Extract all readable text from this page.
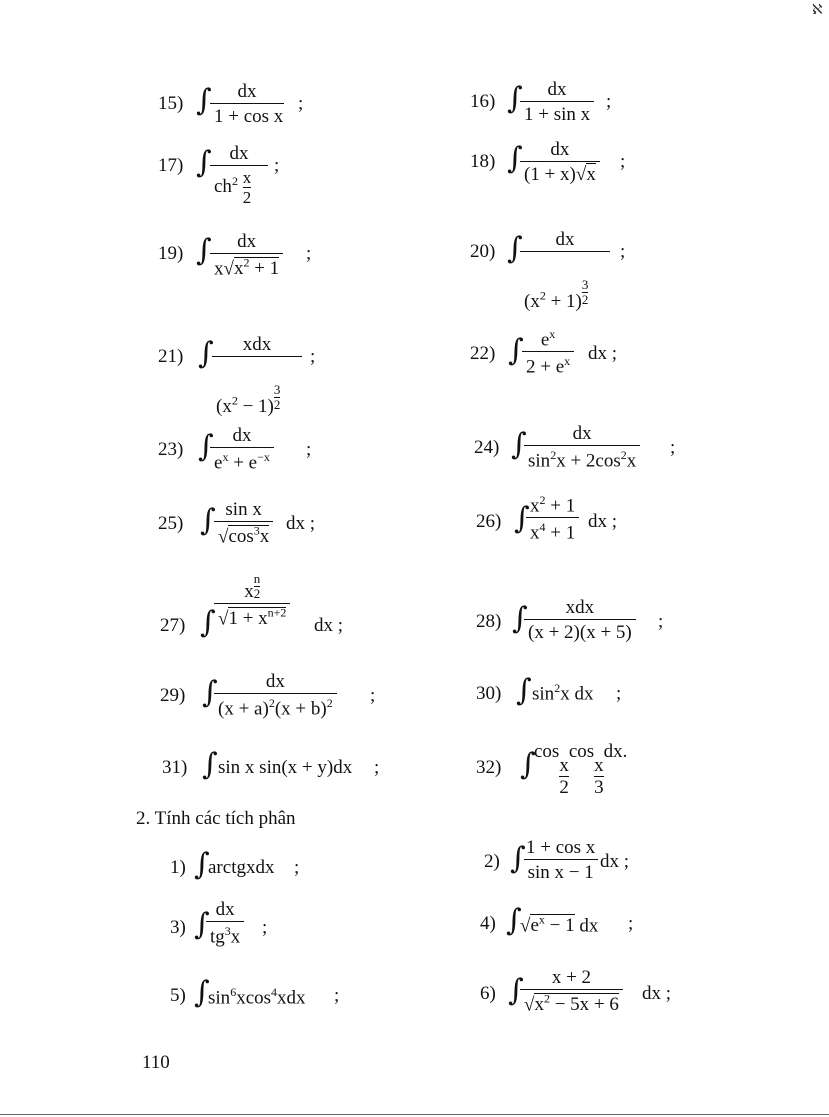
ℵ
15) ∫
$\frac{dx}{\text{1 + cos x}}$ ;	16) ∫
$\frac{dx}{\text{1 + sin x}}$ ;
17) ∫
$\frac{dx}{ch^2 \frac{x}{2}}$ ;	18) ∫
$\frac{dx}{(1 + x)√x}$ ;
19) ∫
$\frac{dx}{x√x^2 + 1}$ ;	20) ∫
$\frac{dx}{(x^2 + 1) \frac{3}{2}}$ ;
21) ∫ xdx
$(x^2 - 1) \frac{3}{2}$
;	22) ∫
$\frac{e^x}{2 + e^x}$ dx ;
23) ∫
$\frac{dx}{e^x + e^{-x}}$ ;	24) ∫
$\frac{dx}{\sin^2x + 2\cos^2x}$ ;
25) ∫
$\frac{\text{sin x}}{√\cos^3x}$ dx ;	26) ∫
$\frac{x^2 + 1}{x^4 + 1}$ dx ;
27) ∫
$\frac{x \frac{n}{2}}{√1 + x^{n+2}}$ dx ;	28) ∫ xdx
(x + 2)(x + 5)
;
29) ∫
$\frac{dx}{(x + a)^2(x + b)^2}$ ;	30) ∫ $\sin^2x$ dx ;
31) ∫ sin x sin(x + y)dx ;	32) ∫
cos
$\frac{x}{2}$
cos
$\frac{x}{3}$
dx.
2. Tính các tích phân
1) ∫
arctgxdx ;	2) ∫
$\frac{\text{1 + cos x}}{\text{sin x − 1}}$ dx ;
3) ∫
$\frac{dx}{tg^3x}$ ;	4) ∫
$√e^x - 1$ dx ;
5) ∫
$\sin^6xcos^4xdx$ ;	6) ∫
$\frac{x + 2}{√x^2 - 5x + 6}$ dx ;
110
